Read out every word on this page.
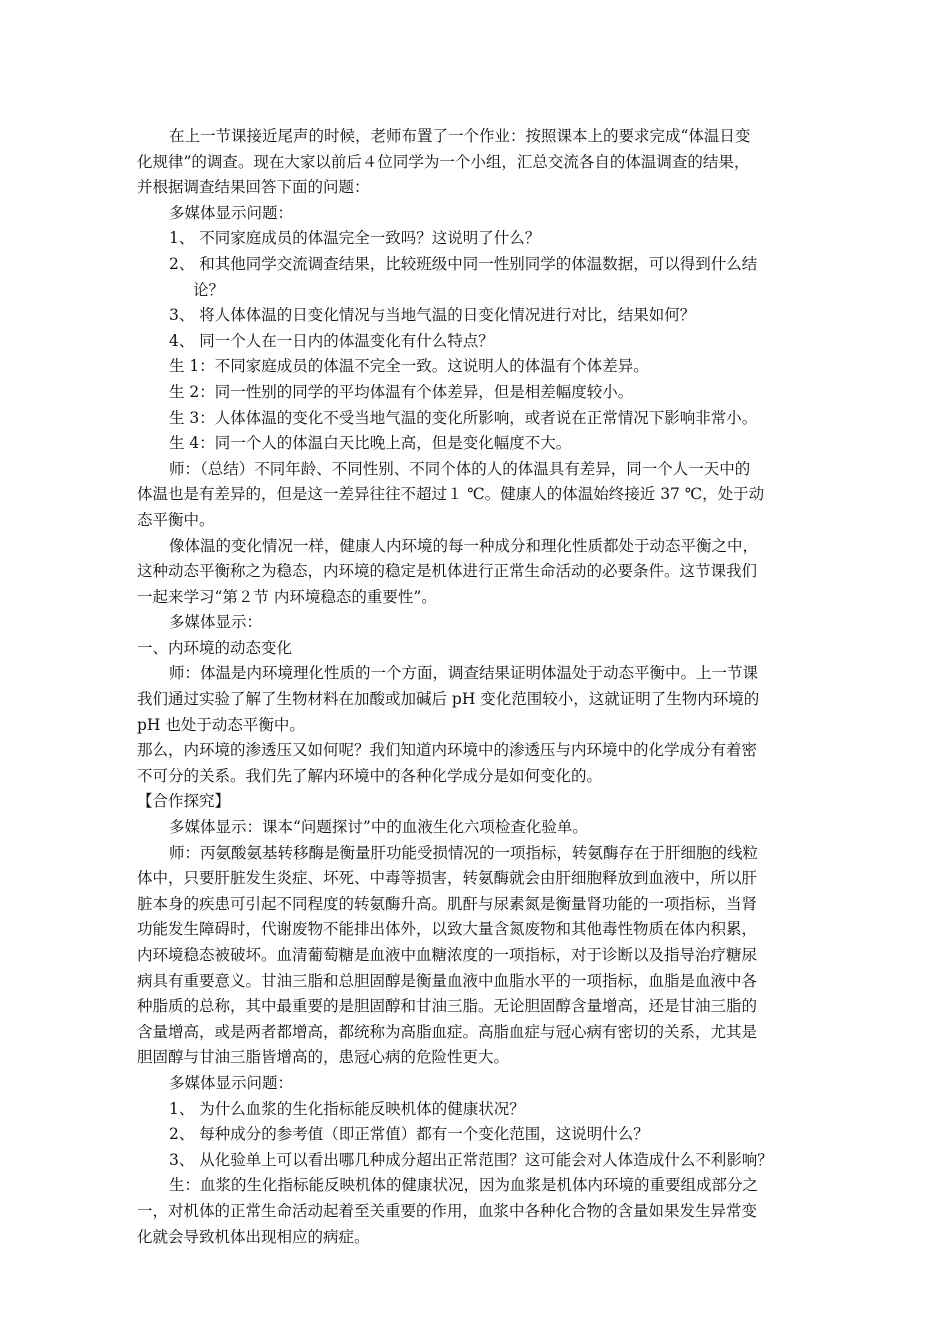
在上一节课接近尾声的时候，老师布置了一个作业：按照课本上的要求完成“体温日变
化规律”的调查。现在大家以前后４位同学为一个小组，汇总交流各自的体温调查的结果，
并根据调查结果回答下面的问题：
多媒体显示问题：
1、 不同家庭成员的体温完全一致吗？这说明了什么？
2、 和其他同学交流调查结果，比较班级中同一性别同学的体温数据，可以得到什么结
论？
3、 将人体体温的日变化情况与当地气温的日变化情况进行对比，结果如何？
4、 同一个人在一日内的体温变化有什么特点？
生 1：不同家庭成员的体温不完全一致。这说明人的体温有个体差异。
生 2：同一性别的同学的平均体温有个体差异，但是相差幅度较小。
生 3：人体体温的变化不受当地气温的变化所影响，或者说在正常情况下影响非常小。
生 4：同一个人的体温白天比晚上高，但是变化幅度不大。
师：（总结）不同年龄、不同性别、不同个体的人的体温具有差异，同一个人一天中的
体温也是有差异的，但是这一差异往往不超过１ ℃。健康人的体温始终接近 37 ℃，处于动
态平衡中。
像体温的变化情况一样，健康人内环境的每一种成分和理化性质都处于动态平衡之中，
这种动态平衡称之为稳态，内环境的稳定是机体进行正常生命活动的必要条件。这节课我们
一起来学习“第２节 内环境稳态的重要性”。
多媒体显示：
一、内环境的动态变化
师：体温是内环境理化性质的一个方面，调查结果证明体温处于动态平衡中。上一节课
我们通过实验了解了生物材料在加酸或加碱后 pH 变化范围较小，这就证明了生物内环境的
pH 也处于动态平衡中。
那么，内环境的渗透压又如何呢？我们知道内环境中的渗透压与内环境中的化学成分有着密
不可分的关系。我们先了解内环境中的各种化学成分是如何变化的。
【合作探究】
多媒体显示：课本“问题探讨”中的血液生化六项检查化验单。
师：丙氨酸氨基转移酶是衡量肝功能受损情况的一项指标，转氨酶存在于肝细胞的线粒
体中，只要肝脏发生炎症、坏死、中毒等损害，转氨酶就会由肝细胞释放到血液中，所以肝
脏本身的疾患可引起不同程度的转氨酶升高。肌酐与尿素氮是衡量肾功能的一项指标，当肾
功能发生障碍时，代谢废物不能排出体外，以致大量含氮废物和其他毒性物质在体内积累，
内环境稳态被破坏。血清葡萄糖是血液中血糖浓度的一项指标，对于诊断以及指导治疗糖尿
病具有重要意义。甘油三脂和总胆固醇是衡量血液中血脂水平的一项指标，血脂是血液中各
种脂质的总称，其中最重要的是胆固醇和甘油三脂。无论胆固醇含量增高，还是甘油三脂的
含量增高，或是两者都增高，都统称为高脂血症。高脂血症与冠心病有密切的关系，尤其是
胆固醇与甘油三脂皆增高的，患冠心病的危险性更大。
多媒体显示问题：
1、 为什么血浆的生化指标能反映机体的健康状况？
2、 每种成分的参考值（即正常值）都有一个变化范围，这说明什么？
3、 从化验单上可以看出哪几种成分超出正常范围？这可能会对人体造成什么不利影响？
生：血浆的生化指标能反映机体的健康状况，因为血浆是机体内环境的重要组成部分之
一，对机体的正常生命活动起着至关重要的作用，血浆中各种化合物的含量如果发生异常变
化就会导致机体出现相应的病症。
